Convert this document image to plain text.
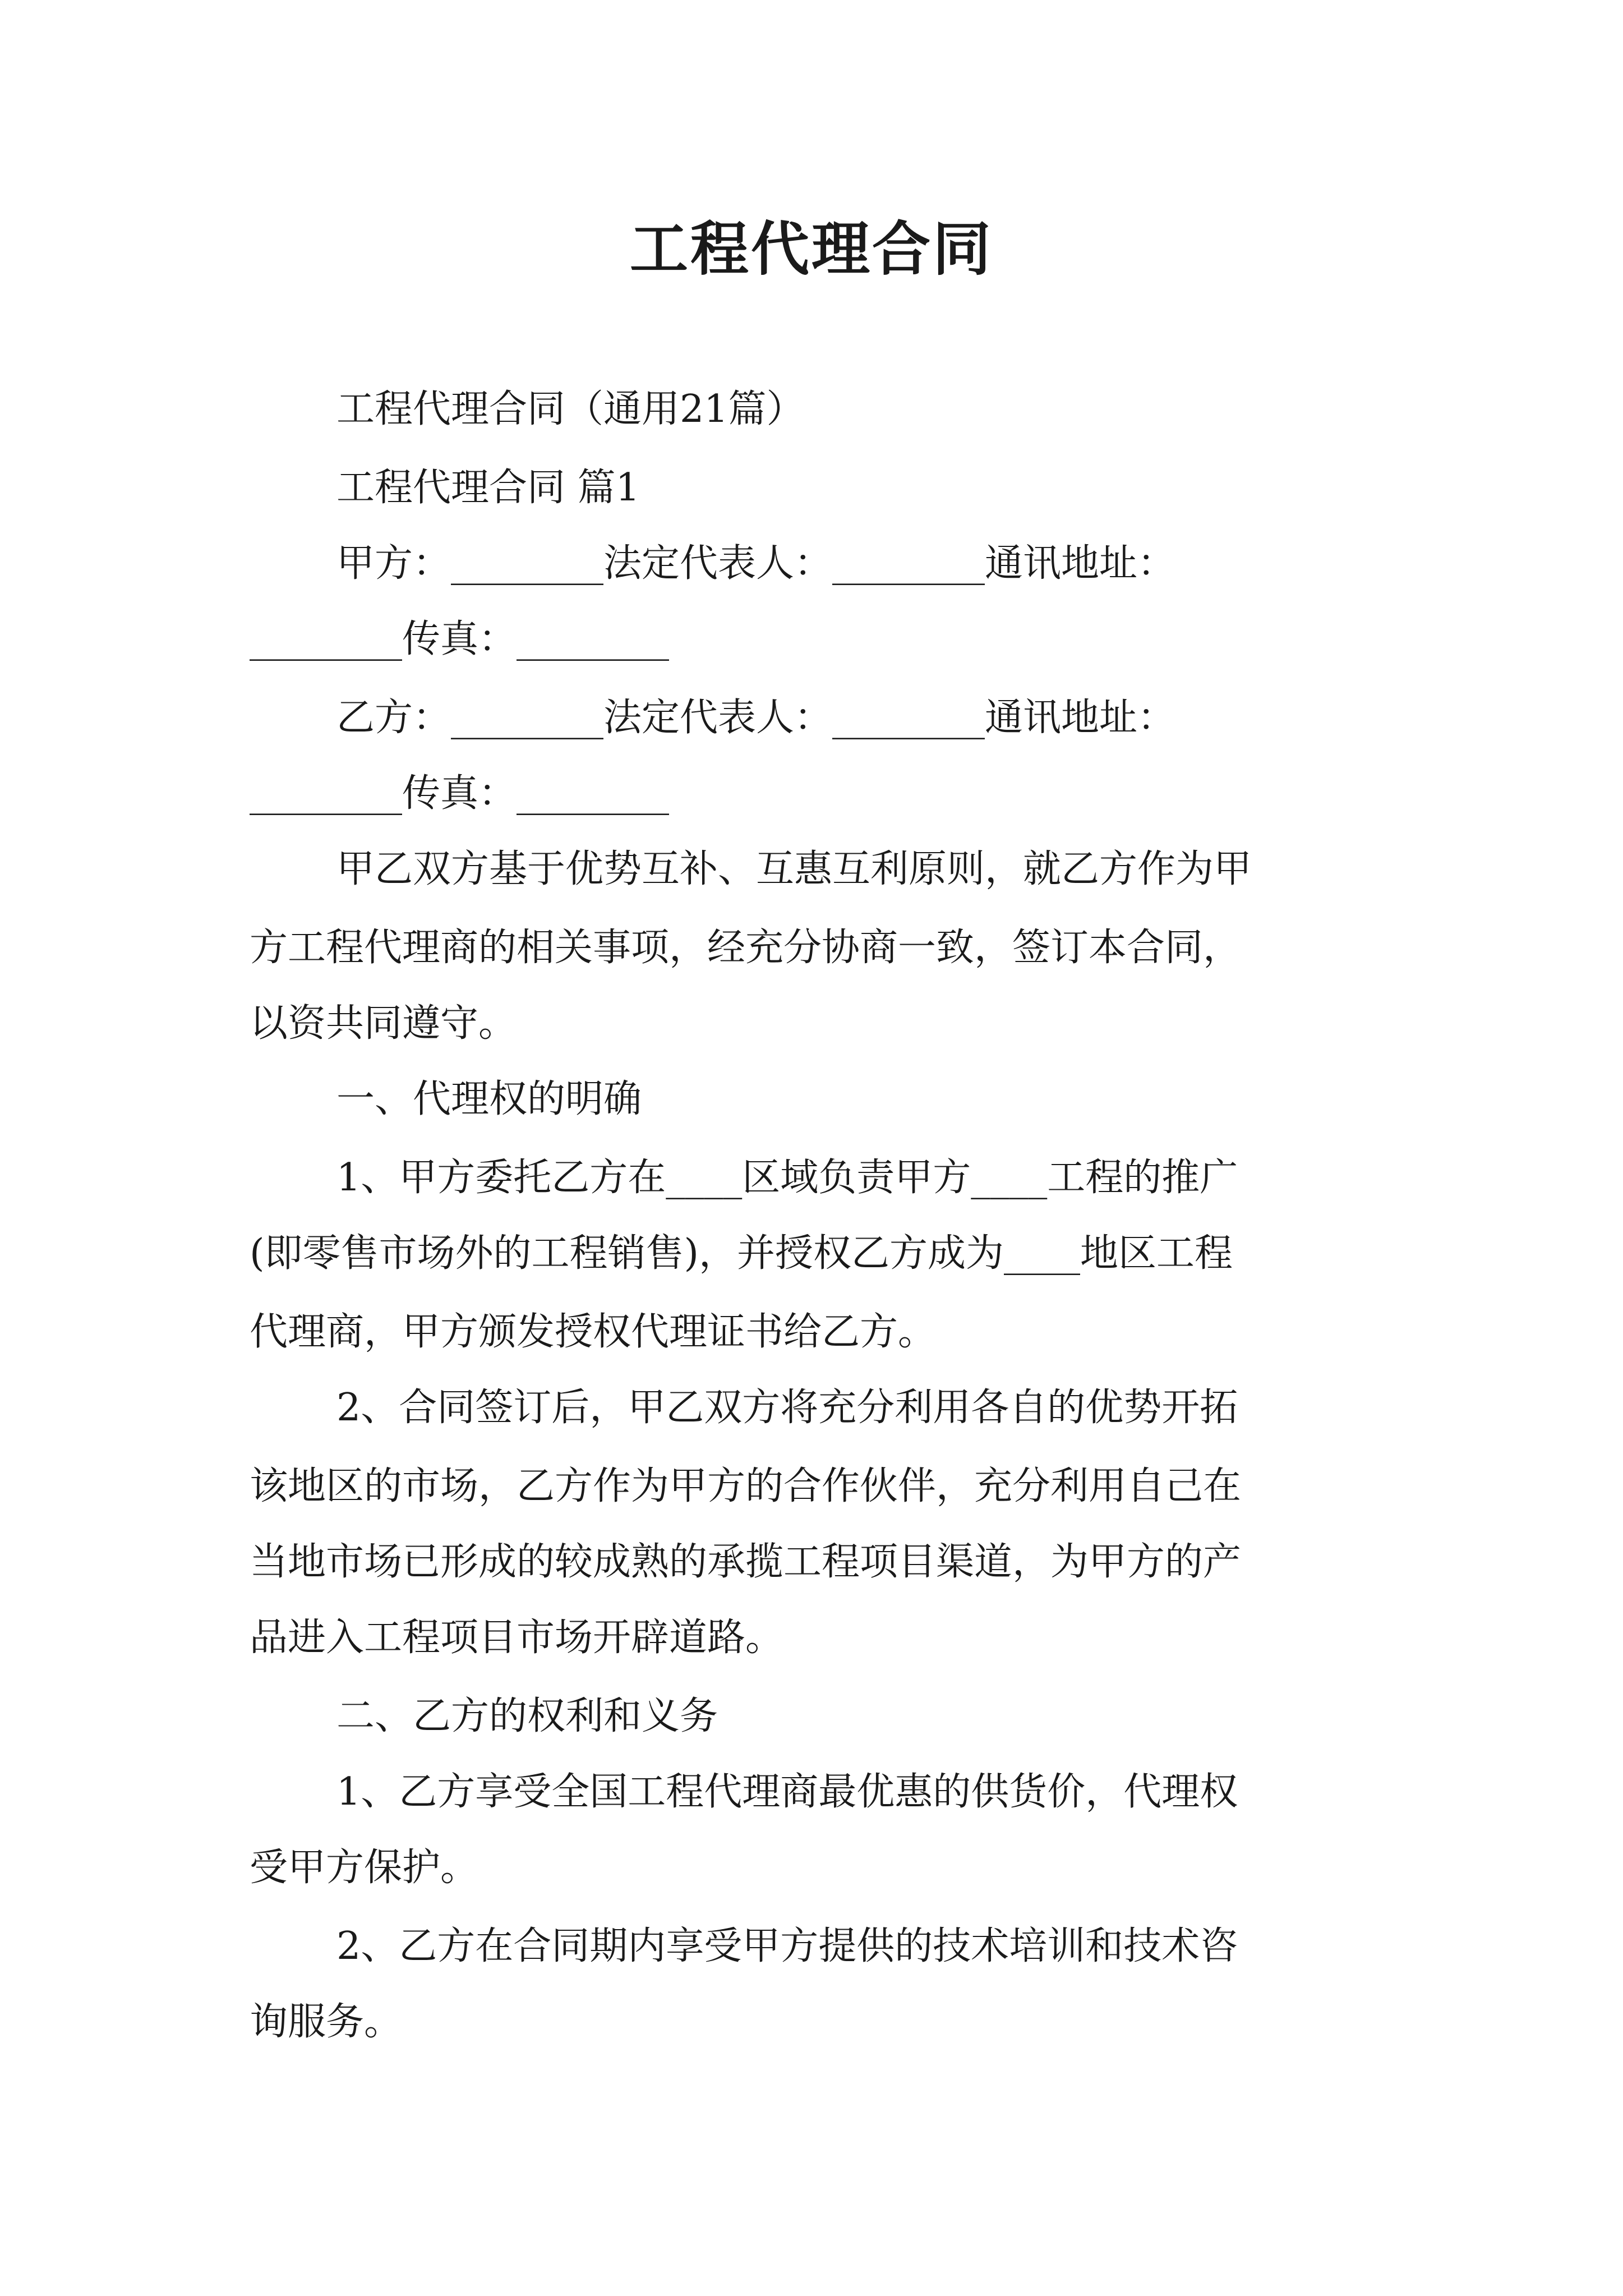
工程代理合同
工程代理合同（通用21篇）
工程代理合同 篇1
甲方：________法定代表人：________通讯地址：
________传真：________
乙方：________法定代表人：________通讯地址：
________传真：________
甲乙双方基于优势互补、互惠互利原则，就乙方作为甲
方工程代理商的相关事项，经充分协商一致，签订本合同，
以资共同遵守。
一、代理权的明确
1、甲方委托乙方在____区域负责甲方____工程的推广
(即零售市场外的工程销售)，并授权乙方成为____地区工程
代理商，甲方颁发授权代理证书给乙方。
2、合同签订后，甲乙双方将充分利用各自的优势开拓
该地区的市场，乙方作为甲方的合作伙伴，充分利用自己在
当地市场已形成的较成熟的承揽工程项目渠道，为甲方的产
品进入工程项目市场开辟道路。
二、乙方的权利和义务
1、乙方享受全国工程代理商最优惠的供货价，代理权
受甲方保护。
2、乙方在合同期内享受甲方提供的技术培训和技术咨
询服务。
